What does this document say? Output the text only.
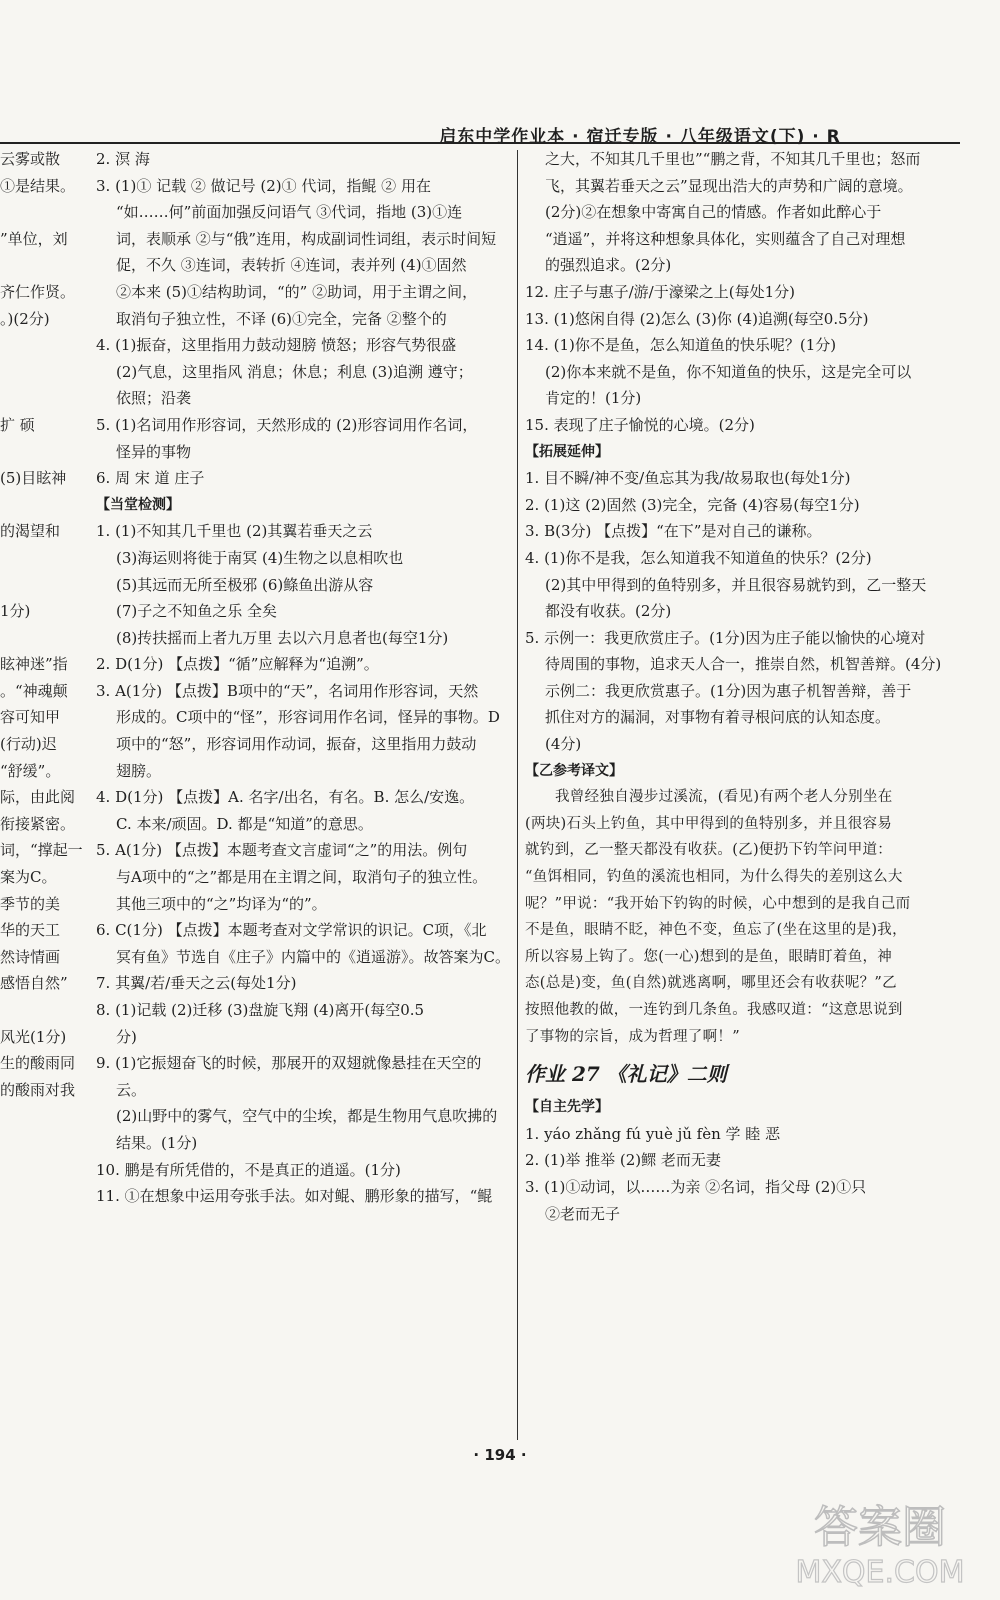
启东中学作业本 · 宿迁专版 · 八年级语文(下) · R
云雾或散
①是结果。
”单位，刘
齐仁作贤。
。)(2分)
扩 硕
(5)目眩神
的渴望和
1分)
眩神迷”指
。“神魂颠
容可知甲
(行动)迟
“舒缓”。
际，由此阅
衔接紧密。
词，“撑起一
案为C。
季节的美
华的天工
然诗情画
感悟自然”
风光(1分)
生的酸雨同
的酸雨对我
2. 溟 海
3. (1)① 记载 ② 做记号 (2)① 代词，指鲲 ② 用在
“如……何”前面加强反问语气 ③代词，指地 (3)①连
词，表顺承 ②与“俄”连用，构成副词性词组，表示时间短
促，不久 ③连词，表转折 ④连词，表并列 (4)①固然
②本来 (5)①结构助词，“的” ②助词，用于主谓之间，
取消句子独立性，不译 (6)①完全，完备 ②整个的
4. (1)振奋，这里指用力鼓动翅膀 愤怒；形容气势很盛
(2)气息，这里指风 消息；休息；利息 (3)追溯 遵守；
依照；沿袭
5. (1)名词用作形容词，天然形成的 (2)形容词用作名词，
怪异的事物
6. 周 宋 道 庄子
【当堂检测】
1. (1)不知其几千里也 (2)其翼若垂天之云
(3)海运则将徙于南冥 (4)生物之以息相吹也
(5)其远而无所至极邪 (6)鲦鱼出游从容
(7)子之不知鱼之乐 全矣
(8)抟扶摇而上者九万里 去以六月息者也(每空1分)
2. D(1分) 【点拨】“循”应解释为“追溯”。
3. A(1分) 【点拨】B项中的“天”，名词用作形容词，天然
形成的。C项中的“怪”，形容词用作名词，怪异的事物。D
项中的“怒”，形容词用作动词，振奋，这里指用力鼓动
翅膀。
4. D(1分) 【点拨】A. 名字/出名，有名。B. 怎么/安逸。
C. 本来/顽固。D. 都是“知道”的意思。
5. A(1分) 【点拨】本题考查文言虚词“之”的用法。例句
与A项中的“之”都是用在主谓之间，取消句子的独立性。
其他三项中的“之”均译为“的”。
6. C(1分) 【点拨】本题考查对文学常识的识记。C项，《北
冥有鱼》节选自《庄子》内篇中的《逍遥游》。故答案为C。
7. 其翼/若/垂天之云(每处1分)
8. (1)记载 (2)迁移 (3)盘旋飞翔 (4)离开(每空0.5
分)
9. (1)它振翅奋飞的时候，那展开的双翅就像悬挂在天空的
云。
(2)山野中的雾气，空气中的尘埃，都是生物用气息吹拂的
结果。(1分)
10. 鹏是有所凭借的，不是真正的逍遥。(1分)
11. ①在想象中运用夸张手法。如对鲲、鹏形象的描写，“鲲
之大，不知其几千里也”“鹏之背，不知其几千里也；怒而
飞，其翼若垂天之云”显现出浩大的声势和广阔的意境。
(2分)②在想象中寄寓自己的情感。作者如此醉心于
“逍遥”，并将这种想象具体化，实则蕴含了自己对理想
的强烈追求。(2分)
12. 庄子与惠子/游/于濠梁之上(每处1分)
13. (1)悠闲自得 (2)怎么 (3)你 (4)追溯(每空0.5分)
14. (1)你不是鱼，怎么知道鱼的快乐呢？(1分)
(2)你本来就不是鱼，你不知道鱼的快乐，这是完全可以
肯定的！(1分)
15. 表现了庄子愉悦的心境。(2分)
【拓展延伸】
1. 目不瞬/神不变/鱼忘其为我/故易取也(每处1分)
2. (1)这 (2)固然 (3)完全，完备 (4)容易(每空1分)
3. B(3分) 【点拨】“在下”是对自己的谦称。
4. (1)你不是我，怎么知道我不知道鱼的快乐？(2分)
(2)其中甲得到的鱼特别多，并且很容易就钓到，乙一整天
都没有收获。(2分)
5. 示例一：我更欣赏庄子。(1分)因为庄子能以愉快的心境对
待周围的事物，追求天人合一，推崇自然，机智善辩。(4分)
示例二：我更欣赏惠子。(1分)因为惠子机智善辩，善于
抓住对方的漏洞，对事物有着寻根问底的认知态度。
(4分)
【乙参考译文】
我曾经独自漫步过溪流，(看见)有两个老人分别坐在
(两块)石头上钓鱼，其中甲得到的鱼特别多，并且很容易
就钓到，乙一整天都没有收获。(乙)便扔下钓竿问甲道：
“鱼饵相同，钓鱼的溪流也相同，为什么得失的差别这么大
呢？”甲说：“我开始下钓钩的时候，心中想到的是我自己而
不是鱼，眼睛不眨，神色不变，鱼忘了(坐在这里的是)我，
所以容易上钩了。您(一心)想到的是鱼，眼睛盯着鱼，神
态(总是)变，鱼(自然)就逃离啊，哪里还会有收获呢？”乙
按照他教的做，一连钓到几条鱼。我感叹道：“这意思说到
了事物的宗旨，成为哲理了啊！”
作业 27 《礼记》二则
【自主先学】
1. yáo zhǎng fú yuè jǔ fèn 学 睦 恶
2. (1)举 推举 (2)鳏 老而无妻
3. (1)①动词，以……为亲 ②名词，指父母 (2)①只
②老而无子
· 194 ·
答案圈
MXQE.COM
